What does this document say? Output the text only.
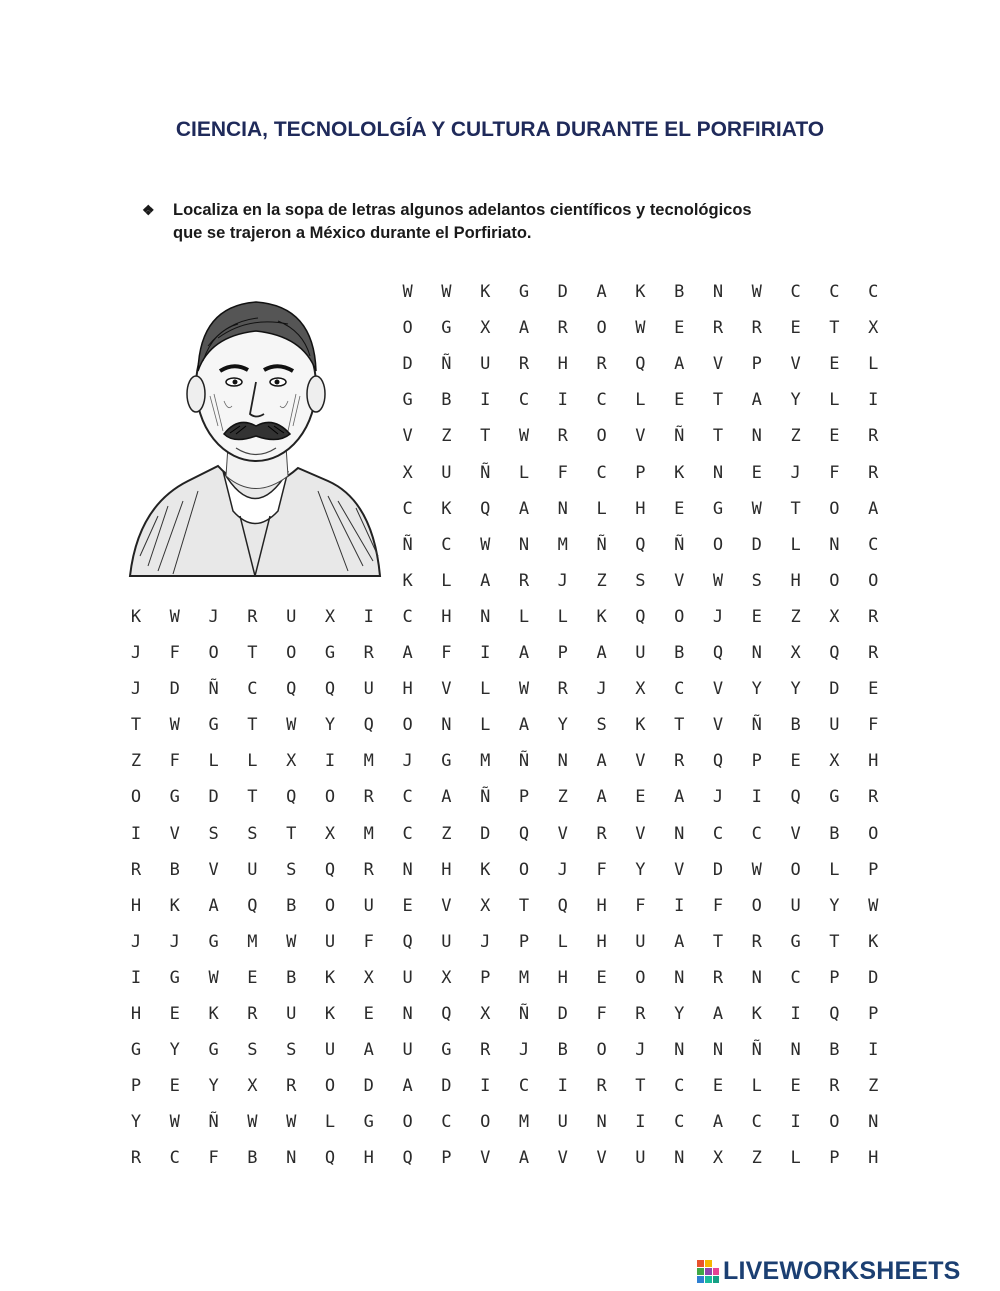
CIENCIA, TECNOLOLGÍA Y CULTURA DURANTE EL PORFIRIATO
❖	Localiza en la sopa de letras algunos adelantos científicos y tecnológicos que se trajeron a México durante el Porfiriato.
W	W	K	G	D	A	K	B	N	W	C	C	C
O	G	X	A	R	O	W	E	R	R	E	T	X
D	Ñ	U	R	H	R	Q	A	V	P	V	E	L
G	B	I	C	I	C	L	E	T	A	Y	L	I
V	Z	T	W	R	O	V	Ñ	T	N	Z	E	R
X	U	Ñ	L	F	C	P	K	N	E	J	F	R
C	K	Q	A	N	L	H	E	G	W	T	O	A
Ñ	C	W	N	M	Ñ	Q	Ñ	O	D	L	N	C
K	L	A	R	J	Z	S	V	W	S	H	O	O
K	W	J	R	U	X	I	C	H	N	L	L	K	Q	O	J	E	Z	X	R
J	F	O	T	O	G	R	A	F	I	A	P	A	U	B	Q	N	X	Q	R
J	D	Ñ	C	Q	Q	U	H	V	L	W	R	J	X	C	V	Y	Y	D	E
T	W	G	T	W	Y	Q	O	N	L	A	Y	S	K	T	V	Ñ	B	U	F
Z	F	L	L	X	I	M	J	G	M	Ñ	N	A	V	R	Q	P	E	X	H
O	G	D	T	Q	O	R	C	A	Ñ	P	Z	A	E	A	J	I	Q	G	R
I	V	S	S	T	X	M	C	Z	D	Q	V	R	V	N	C	C	V	B	O
R	B	V	U	S	Q	R	N	H	K	O	J	F	Y	V	D	W	O	L	P
H	K	A	Q	B	O	U	E	V	X	T	Q	H	F	I	F	O	U	Y	W
J	J	G	M	W	U	F	Q	U	J	P	L	H	U	A	T	R	G	T	K
I	G	W	E	B	K	X	U	X	P	M	H	E	O	N	R	N	C	P	D
H	E	K	R	U	K	E	N	Q	X	Ñ	D	F	R	Y	A	K	I	Q	P
G	Y	G	S	S	U	A	U	G	R	J	B	O	J	N	N	Ñ	N	B	I
P	E	Y	X	R	O	D	A	D	I	C	I	R	T	C	E	L	E	R	Z
Y	W	Ñ	W	W	L	G	O	C	O	M	U	N	I	C	A	C	I	O	N
R	C	F	B	N	Q	H	Q	P	V	A	V	V	U	N	X	Z	L	P	H
LIVEWORKSHEETS
